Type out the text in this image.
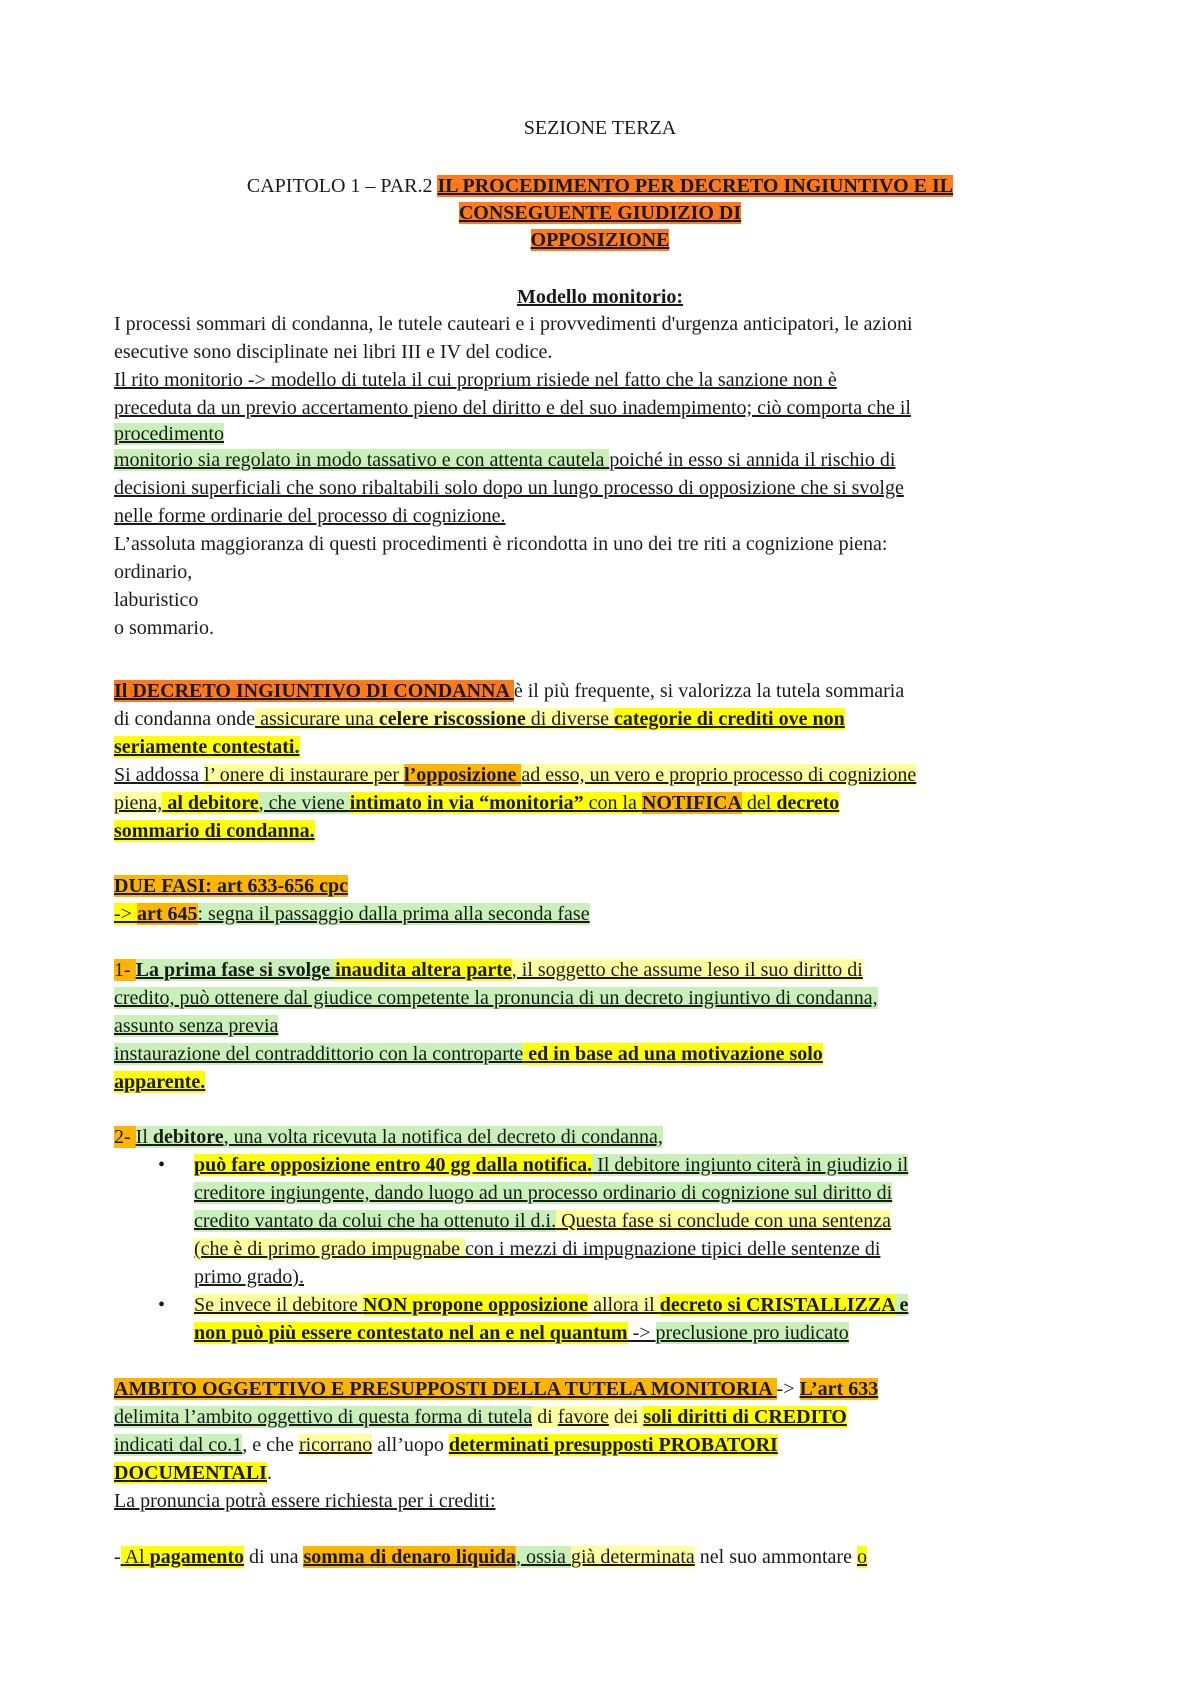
SEZIONE TERZA
CAPITOLO 1 – PAR.2 IL PROCEDIMENTO PER DECRETO INGIUNTIVO E IL
CONSEGUENTE GIUDIZIO DI
OPPOSIZIONE
Modello monitorio:
I processi sommari di condanna, le tutele cauteari e i provvedimenti d'urgenza anticipatori, le azioni
esecutive sono disciplinate nei libri III e IV del codice.
Il rito monitorio -> modello di tutela il cui proprium risiede nel fatto che la sanzione non è
preceduta da un previo accertamento pieno del diritto e del suo inadempimento; ciò comporta che il
procedimento
monitorio sia regolato in modo tassativo e con attenta cautela poiché in esso si annida il rischio di
decisioni superficiali che sono ribaltabili solo dopo un lungo processo di opposizione che si svolge
nelle forme ordinarie del processo di cognizione.
L’assoluta maggioranza di questi procedimenti è ricondotta in uno dei tre riti a cognizione piena:
ordinario,
laburistico
o sommario.
Il DECRETO INGIUNTIVO DI CONDANNA è il più frequente, si valorizza la tutela sommaria
di condanna onde assicurare una celere riscossione di diverse categorie di crediti ove non
seriamente contestati.
Si addossa l’ onere di instaurare per l’opposizione ad esso, un vero e proprio processo di cognizione
piena, al debitore, che viene intimato in via “monitoria” con la NOTIFICA del decreto
sommario di condanna.
DUE FASI: art 633-656 cpc
-> art 645: segna il passaggio dalla prima alla seconda fase
1- La prima fase si svolge inaudita altera parte, il soggetto che assume leso il suo diritto di
credito, può ottenere dal giudice competente la pronuncia di un decreto ingiuntivo di condanna,
assunto senza previa
instaurazione del contraddittorio con la controparte ed in base ad una motivazione solo
apparente.
2- Il debitore, una volta ricevuta la notifica del decreto di condanna,
• può fare opposizione entro 40 gg dalla notifica. Il debitore ingiunto citerà in giudizio il
creditore ingiungente, dando luogo ad un processo ordinario di cognizione sul diritto di
credito vantato da colui che ha ottenuto il d.i. Questa fase si conclude con una sentenza
(che è di primo grado impugnabe con i mezzi di impugnazione tipici delle sentenze di
primo grado).
• Se invece il debitore NON propone opposizione allora il decreto si CRISTALLIZZA e
non può più essere contestato nel an e nel quantum -> preclusione pro iudicato
AMBITO OGGETTIVO E PRESUPPOSTI DELLA TUTELA MONITORIA -> L’art 633
delimita l’ambito oggettivo di questa forma di tutela di favore dei soli diritti di CREDITO
indicati dal co.1, e che ricorrano all’uopo determinati presupposti PROBATORI
DOCUMENTALI.
La pronuncia potrà essere richiesta per i crediti:
- Al pagamento di una somma di denaro liquida, ossia già determinata nel suo ammontare o
